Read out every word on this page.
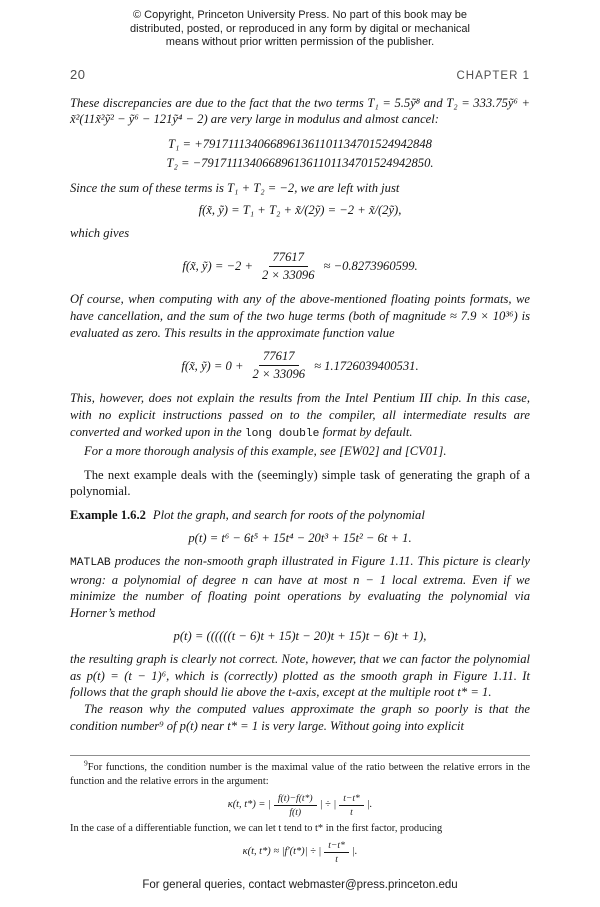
© Copyright, Princeton University Press. No part of this book may be
distributed, posted, or reproduced in any form by digital or mechanical
means without prior written permission of the publisher.
20	CHAPTER 1

These discrepancies are due to the fact that the two terms T₁ = 5.5ỹ⁸ and T₂ = 333.75ỹ⁶ + x̃²(11x̃²ỹ² − ỹ⁶ − 121ỹ⁴ − 2) are very large in modulus and almost cancel:

T₁ = +7917111340668961361101134701524942848
T₂ = −7917111340668961361101134701524942850.

Since the sum of these terms is T₁ + T₂ = −2, we are left with just

f(x̃, ỹ) = T₁ + T₂ + x̃/(2ỹ) = −2 + x̃/(2ỹ),

which gives

f(x̃, ỹ) = $-2 + \frac{77617}{2 \times 33096} \approx -0.8273960599$.

Of course, when computing with any of the above-mentioned floating points formats, we have cancellation, and the sum of the two huge terms (both of magnitude ≈ 7.9 × 10³⁶) is evaluated as zero. This results in the approximate function value

f(x̃, ỹ) = $0 + \frac{77617}{2 \times 33096} \approx 1.1726039400531$.

This, however, does not explain the results from the Intel Pentium III chip. In this case, with no explicit instructions passed on to the compiler, all intermediate results are converted and worked upon in the long double format by default.

For a more thorough analysis of this example, see [EW02] and [CV01].

The next example deals with the (seemingly) simple task of generating the graph of a polynomial.

Example 1.6.2 Plot the graph, and search for roots of the polynomial

p(t) = t⁶ − 6t⁵ + 15t⁴ − 20t³ + 15t² − 6t + 1.

MATLAB produces the non-smooth graph illustrated in Figure 1.11. This picture is clearly wrong: a polynomial of degree n can have at most n − 1 local extrema. Even if we minimize the number of floating point operations by evaluating the polynomial via Horner’s method

p(t) = ((((((t − 6)t + 15)t − 20)t + 15)t − 6)t + 1),

the resulting graph is clearly not correct. Note, however, that we can factor the polynomial as p(t) = (t − 1)⁶, which is (correctly) plotted as the smooth graph in Figure 1.11. It follows that the graph should lie above the t-axis, except at the multiple root t* = 1.

The reason why the computed values approximate the graph so poorly is that the condition number⁹ of p(t) near t* = 1 is very large. Without going into explicit

$^9$For functions, the condition number is the maximal value of the ratio between the relative errors in the function and the relative errors in the argument:

κ(t, t*) = | $\frac{f(t)-f(t*)}{f(t)}$ | ÷ | $\frac{t-t*}{t}$ |.

In the case of a differentiable function, we can let t tend to t* in the first factor, producing

κ(t, t*) ≈ |f′(t*)| ÷ | $\frac{t-t*}{t}$ |.
For general queries, contact webmaster@press.princeton.edu
